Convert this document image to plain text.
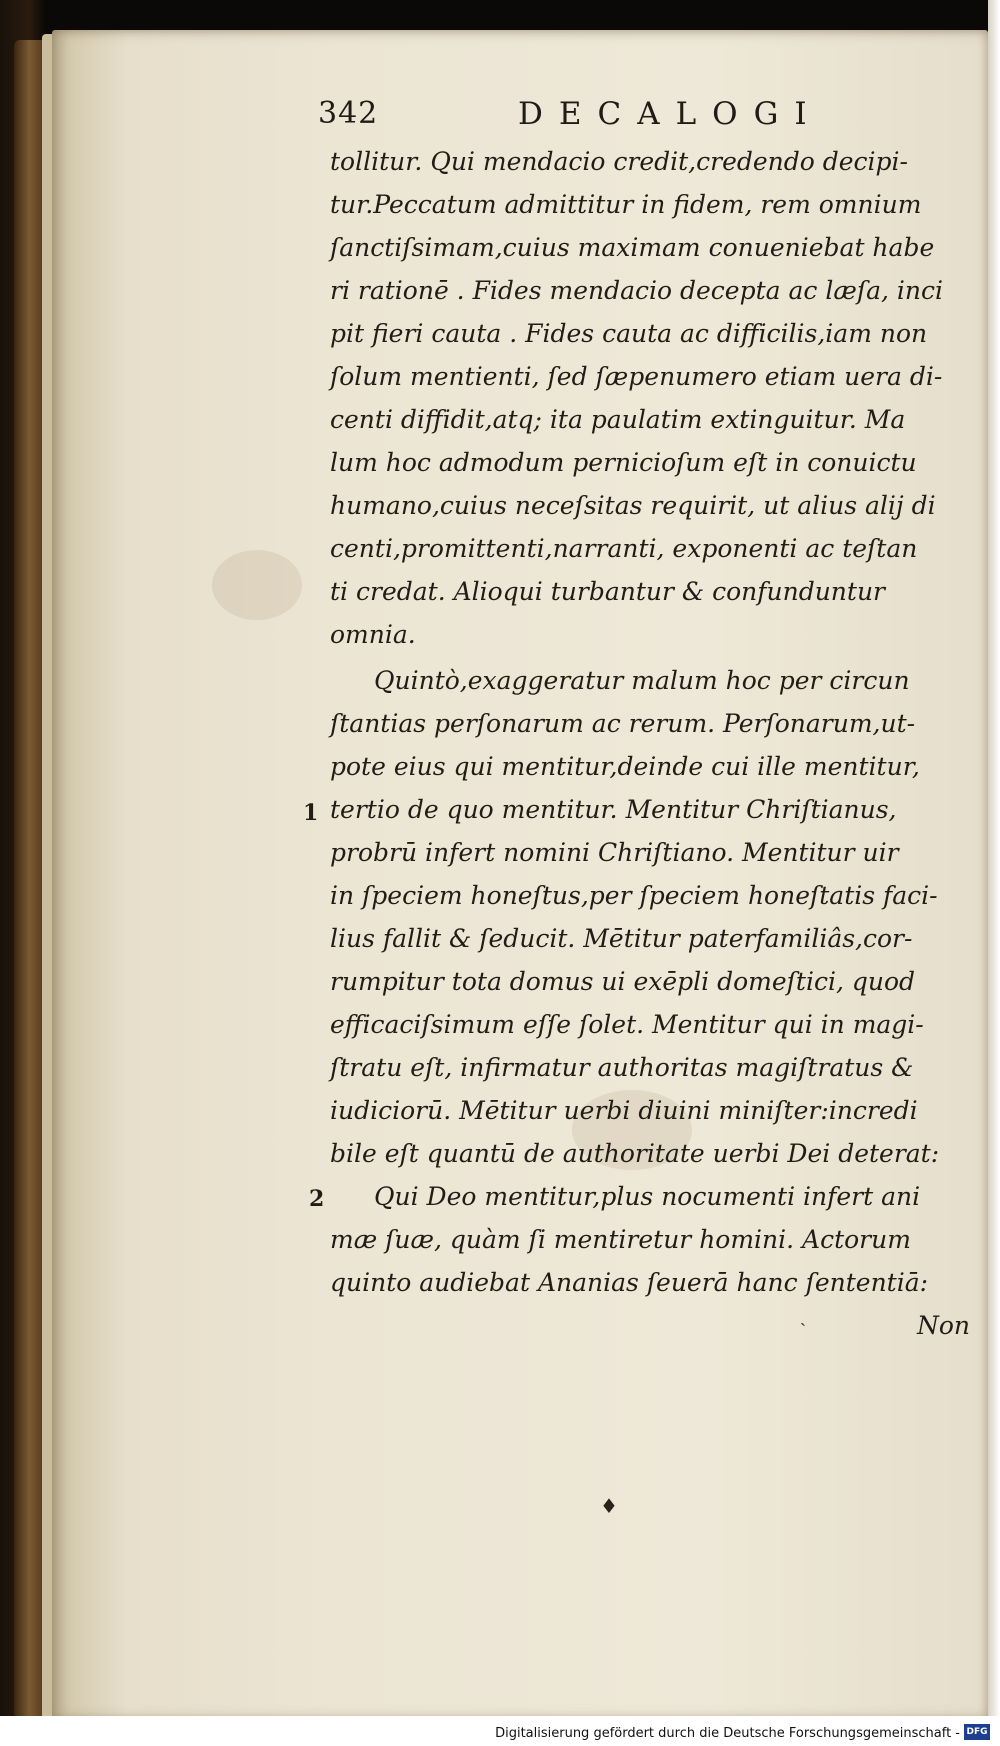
ˎ
♦
342	DECALOGI
tollitur. Qui mendacio credit,credendo decipi-
tur.Peccatum admittitur in fidem, rem omnium
ſanctiſsimam,cuius maximam conueniebat habe
ri rationē . Fides mendacio decepta ac læſa, inci
pit fieri cauta . Fides cauta ac difficilis,iam non
ſolum mentienti, ſed ſæpenumero etiam uera di-
centi diffidit,atq; ita paulatim extinguitur. Ma
lum hoc admodum pernicioſum eſt in conuictu
humano,cuius neceſsitas requirit, ut alius alij di
centi,promittenti,narranti, exponenti ac teſtan
ti credat. Alioqui turbantur & confunduntur
omnia.
Quintò,exaggeratur malum hoc per circun
ſtantias perſonarum ac rerum. Perſonarum,ut-
pote eius qui mentitur,deinde cui ille mentitur,
tertio de quo mentitur. Mentitur Chriſtianus,
probrū infert nomini Chriſtiano. Mentitur uir
in ſpeciem honeſtus,per ſpeciem honeſtatis faci-
lius fallit & ſeducit. Mētitur paterfamiliâs,cor-
rumpitur tota domus ui exēpli domeſtici, quod
efficaciſsimum eſſe ſolet. Mentitur qui in magi-
ſtratu eſt, infirmatur authoritas magiſtratus &
iudiciorū. Mētitur uerbi diuini miniſter:incredi
bile eſt quantū de authoritate uerbi Dei deterat:
Qui Deo mentitur,plus nocumenti infert ani
mæ ſuæ, quàm ſi mentiretur homini. Actorum
quinto audiebat Ananias ſeuerā hanc ſententiā:
Non
1
2
Digitalisierung gefördert durch die Deutsche Forschungsgemeinschaft - DFG
